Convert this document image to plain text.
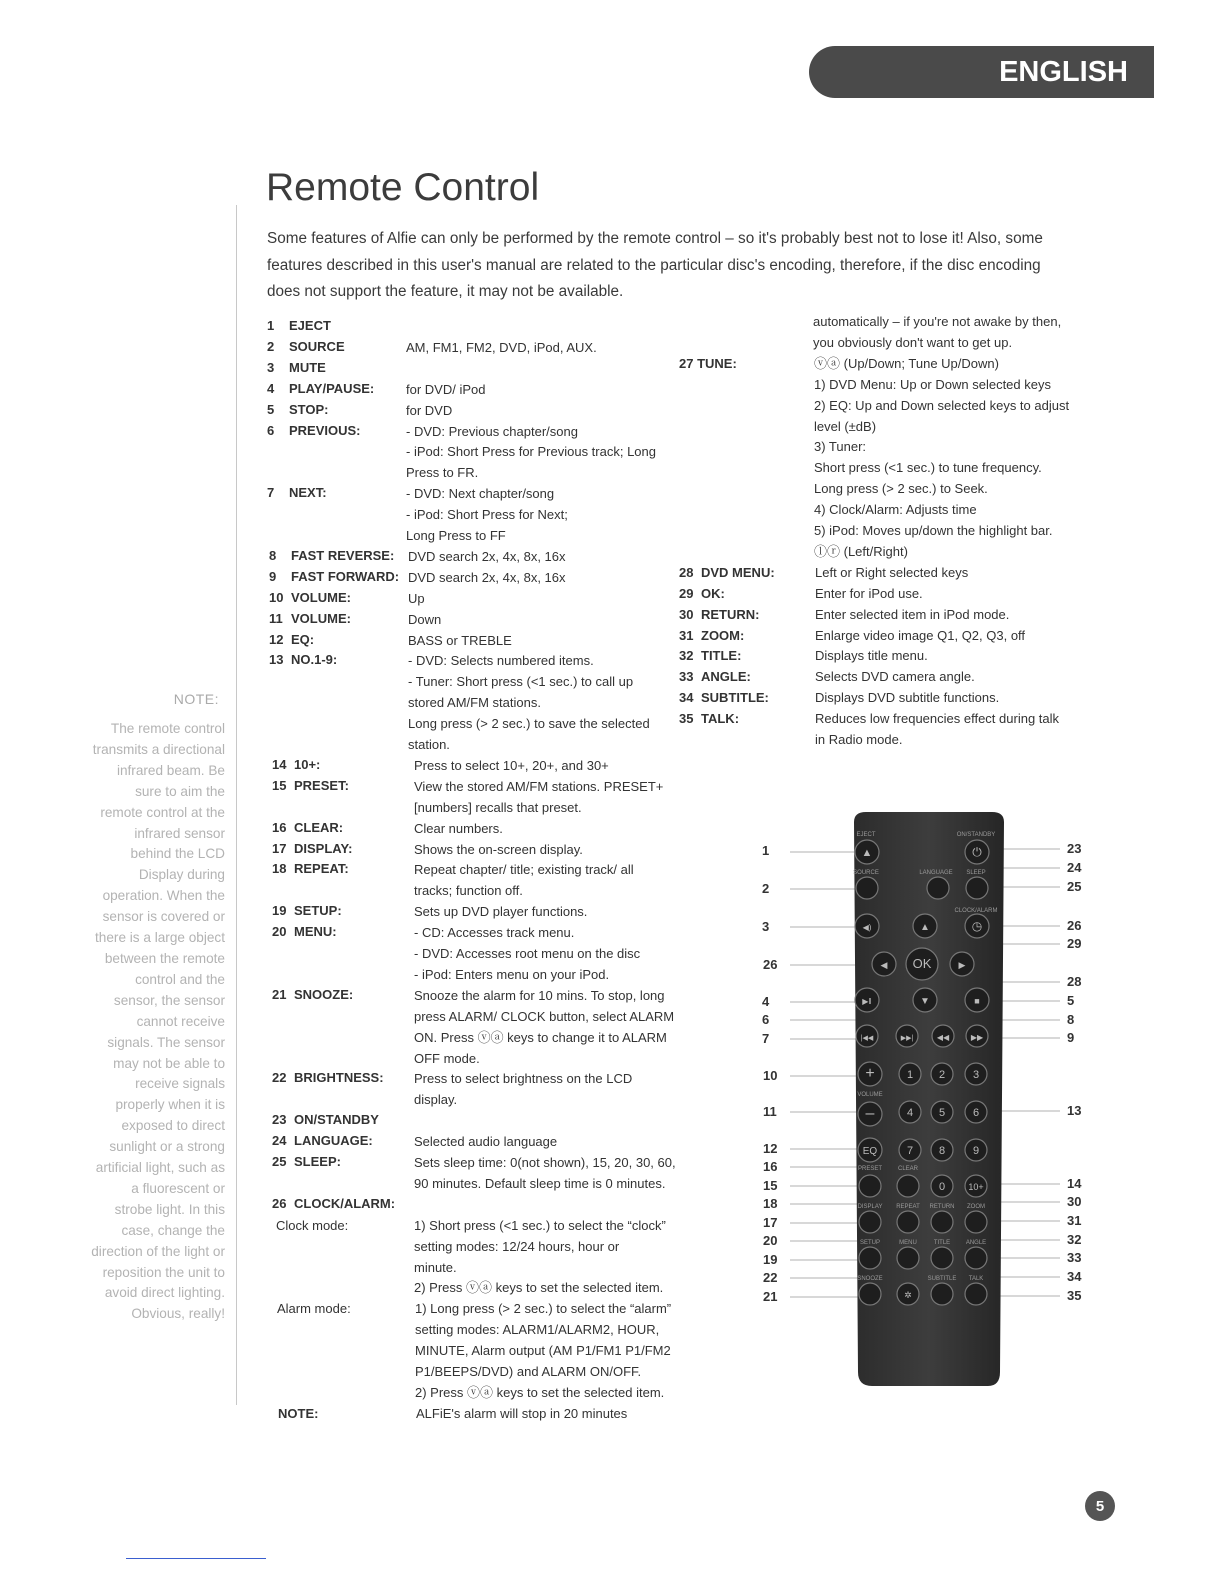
ENGLISH
Remote Control

Some features of Alfie can only be performed by the remote control – so it's probably best not to lose it! Also, some features described in this user's manual are related to the particular disc's encoding, therefore, if the disc encoding does not support the feature, it may not be available.

NOTE:

The remote control transmits a directional infrared beam. Be sure to aim the remote control at the infrared sensor behind the LCD Display during operation. When the sensor is covered or there is a large object between the remote control and the sensor, the sensor cannot receive signals. The sensor may not be able to receive signals properly when it is exposed to direct sunlight or a strong artificial light, such as a fluorescent or strobe light. In this case, change the direction of the light or reposition the unit to avoid direct lighting. Obvious, really!

1 EJECT
2 SOURCE	AM, FM1, FM2, DVD, iPod, AUX.
3 MUTE
4 PLAY/PAUSE: for DVD/ iPod
5 STOP:	for DVD
6 PREVIOUS:	- DVD: Previous chapter/song
- iPod: Short Press for Previous track; Long
Press to FR.
7 NEXT:	- DVD: Next chapter/song
- iPod: Short Press for Next;
Long Press to FF
8 FAST REVERSE: DVD search 2x, 4x, 8x, 16x
9 FAST FORWARD: DVD search 2x, 4x, 8x, 16x
10 VOLUME:	Up
11 VOLUME:	Down
12 EQ:	BASS or TREBLE
13 NO.1-9:	- DVD: Selects numbered items.
- Tuner: Short press (<1 sec.) to call up
stored AM/FM stations.
Long press (> 2 sec.) to save the selected
station.
14 10+:	Press to select 10+, 20+, and 30+
15 PRESET:	View the stored AM/FM stations. PRESET+
[numbers] recalls that preset.
16 CLEAR:	Clear numbers.
17 DISPLAY:	Shows the on-screen display.
18 REPEAT:	Repeat chapter/ title; existing track/ all
tracks; function off.
19 SETUP:	Sets up DVD player functions.
20 MENU:	- CD: Accesses track menu.
- DVD: Accesses root menu on the disc
- iPod: Enters menu on your iPod.
21 SNOOZE:	Snooze the alarm for 10 mins. To stop, long
press ALARM/ CLOCK button, select ALARM
ON. Press ⓥⓐ keys to change it to ALARM
OFF mode.
22 BRIGHTNESS: Press to select brightness on the LCD
display.
23 ON/STANDBY
24 LANGUAGE:	Selected audio language
25 SLEEP:	Sets sleep time: 0(not shown), 15, 20, 30, 60,
90 minutes. Default sleep time is 0 minutes.
26 CLOCK/ALARM:
Clock mode:	1) Short press (<1 sec.) to select the “clock”
setting modes: 12/24 hours, hour or
minute.
2) Press ⓥⓐ keys to set the selected item.
Alarm mode:	1) Long press (> 2 sec.) to select the “alarm”
setting modes: ALARM1/ALARM2, HOUR,
MINUTE, Alarm output (AM P1/FM1 P1/FM2
P1/BEEPS/DVD) and ALARM ON/OFF.
2) Press ⓥⓐ keys to set the selected item.
NOTE:	ALFiE's alarm will stop in 20 minutes
automatically – if you're not awake by then,
you obviously don't want to get up.
27 TUNE:	ⓥⓐ (Up/Down; Tune Up/Down)
1) DVD Menu: Up or Down selected keys
2) EQ: Up and Down selected keys to adjust
level (±dB)
3) Tuner:
Short press (<1 sec.) to tune frequency.
Long press (> 2 sec.) to Seek.
4) Clock/Alarm: Adjusts time
5) iPod: Moves up/down the highlight bar.
ⓛⓡ (Left/Right)
28 DVD MENU:	Left or Right selected keys
29 OK:	Enter for iPod use.
30 RETURN:	Enter selected item in iPod mode.
31 ZOOM:	Enlarge video image Q1, Q2, Q3, off
32 TITLE:	Displays title menu.
33 ANGLE:	Selects DVD camera angle.
34 SUBTITLE:	Displays DVD subtitle functions.
35 TALK:	Reduces low frequencies effect during talk
in Radio mode.
EJECT	ON/STANDBY
▲	⏻
SOURCE	LANGUAGE SLEEP
CLOCK/ALARM
◀)	▲	◷
◀ OK	▶
▶‖	▼	■
|◀◀	▶▶|	◀◀	▶▶
+
VOLUME
–
1 2	3
4 5	6
EQ	7 8	9
PRESET	CLEAR
0	10+
DISPLAY REPEAT RETURN ZOOM
SETUP	MENU	TITLE	ANGLE
SNOOZE	SUBTITLE TALK
✲
1
2
3
26
4
6
7
10
11
12
16
15
18
17
20
19
22
21
23
24
25
26
29
28
5
8
9
13
14
30
31
32
33
34
35
5
